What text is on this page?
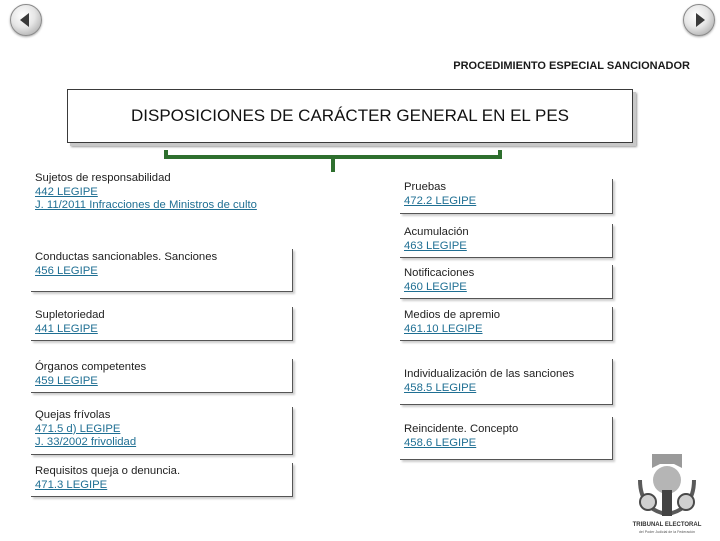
PROCEDIMIENTO ESPECIAL SANCIONADOR
DISPOSICIONES DE CARÁCTER GENERAL EN EL PES
Sujetos de responsabilidad
442 LEGIPE
J. 11/2011 Infracciones de Ministros de culto
Conductas sancionables. Sanciones
456 LEGIPE
Supletoriedad
441 LEGIPE
Órganos competentes
459 LEGIPE
Quejas frívolas
471.5 d) LEGIPE
J. 33/2002 frivolidad
Requisitos queja o denuncia.
471.3 LEGIPE
Pruebas
472.2 LEGIPE
Acumulación
463 LEGIPE
Notificaciones
460 LEGIPE
Medios de apremio
461.10 LEGIPE
Individualización de las sanciones
458.5 LEGIPE
Reincidente. Concepto
458.6 LEGIPE
TRIBUNAL ELECTORAL
del Poder Judicial de la Federación
